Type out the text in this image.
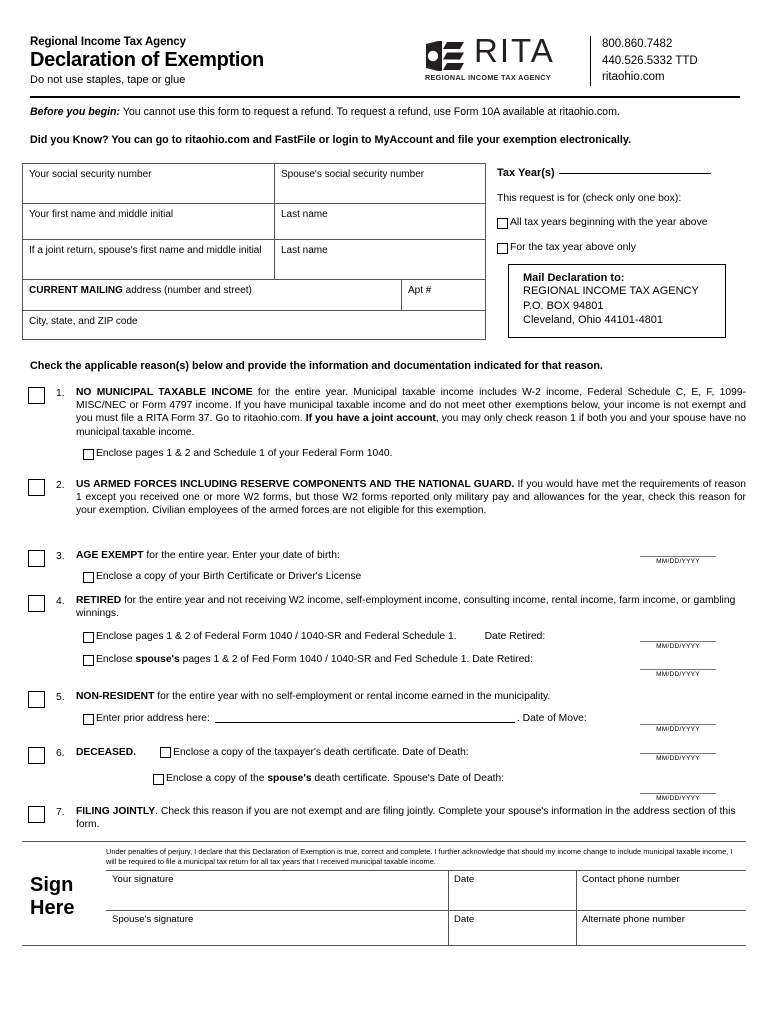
Regional Income Tax Agency
Declaration of Exemption
Do not use staples, tape or glue
RITA
REGIONAL INCOME TAX AGENCY
800.860.7482
440.526.5332 TTD
ritaohio.com
Before you begin: You cannot use this form to request a refund. To request a refund, use Form 10A available at ritaohio.com.
Did you Know? You can go to ritaohio.com and FastFile or login to MyAccount and file your exemption electronically.
Your social security number	Spouse's social security number
Your first name and middle initial	Last name
If a joint return, spouse's first name and middle initial	Last name
CURRENT MAILING address (number and street)	Apt #
City, state, and ZIP code
Tax Year(s)
This request is for (check only one box):
All tax years beginning with the year above
For the tax year above only
Mail Declaration to:
REGIONAL INCOME TAX AGENCY
P.O. BOX 94801
Cleveland, Ohio 44101-4801
Check the applicable reason(s) below and provide the information and documentation indicated for that reason.
1. NO MUNICIPAL TAXABLE INCOME for the entire year. Municipal taxable income includes W-2 income, Federal Schedule C, E, F, 1099-MISC/NEC or Form 4797 income. If you have municipal taxable income and do not meet other exemptions below, your income is not exempt and you must file a RITA Form 37. Go to ritaohio.com. If you have a joint account, you may only check reason 1 if both you and your spouse have no municipal taxable income.
Enclose pages 1 & 2 and Schedule 1 of your Federal Form 1040.
2. US ARMED FORCES INCLUDING RESERVE COMPONENTS AND THE NATIONAL GUARD. If you would have met the requirements of reason 1 except you received one or more W2 forms, but those W2 forms reported only military pay and allowances for the year, check this reason for your exemption. Civilian employees of the armed forces are not eligible for this exemption.
3. AGE EXEMPT for the entire year. Enter your date of birth:
Enclose a copy of your Birth Certificate or Driver's License
MM/DD/YYYY
4. RETIRED for the entire year and not receiving W2 income, self-employment income, consulting income, rental income, farm income, or gambling winnings.
Enclose pages 1 & 2 of Federal Form 1040 / 1040-SR and Federal Schedule 1.	Date Retired:
MM/DD/YYYY
Enclose spouse's pages 1 & 2 of Fed Form 1040 / 1040-SR and Fed Schedule 1. Date Retired:
MM/DD/YYYY
5. NON-RESIDENT for the entire year with no self-employment or rental income earned in the municipality.
Enter prior address here:	. Date of Move:
MM/DD/YYYY
6. DECEASED.	Enclose a copy of the taxpayer's death certificate. Date of Death:
MM/DD/YYYY
Enclose a copy of the spouse's death certificate. Spouse's Date of Death:
MM/DD/YYYY
7. FILING JOINTLY. Check this reason if you are not exempt and are filing jointly. Complete your spouse's information in the address section of this form.
Under penalties of perjury, I declare that this Declaration of Exemption is true, correct and complete. I further acknowledge that should my income change to include municipal taxable income, I will be required to file a municipal tax return for all tax years that I received municipal taxable income.
Sign
Here
Your signature	Date	Contact phone number
Spouse's signature	Date	Alternate phone number
